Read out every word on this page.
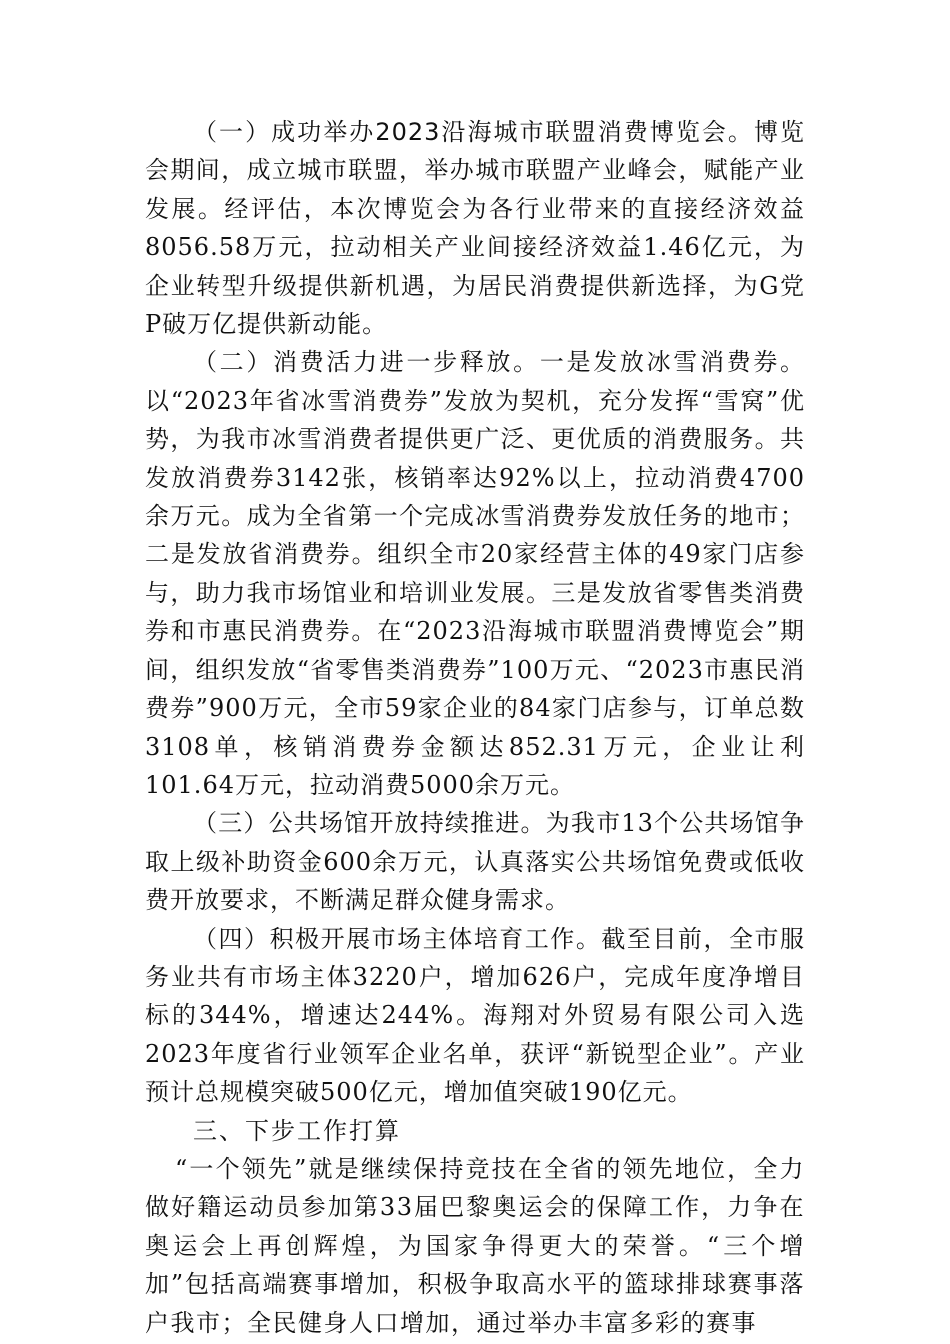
（一）成功举办2023沿海城市联盟消费博览会。博览会期间，成立城市联盟，举办城市联盟产业峰会，赋能产业发展。经评估，本次博览会为各行业带来的直接经济效益8056.58万元，拉动相关产业间接经济效益1.46亿元，为企业转型升级提供新机遇，为居民消费提供新选择，为G党P破万亿提供新动能。

（二）消费活力进一步释放。一是发放冰雪消费券。以“2023年省冰雪消费券”发放为契机，充分发挥“雪窝”优势，为我市冰雪消费者提供更广泛、更优质的消费服务。共发放消费券3142张，核销率达92%以上，拉动消费4700余万元。成为全省第一个完成冰雪消费券发放任务的地市；二是发放省消费券。组织全市20家经营主体的49家门店参与，助力我市场馆业和培训业发展。三是发放省零售类消费券和市惠民消费券。在“2023沿海城市联盟消费博览会”期间，组织发放“省零售类消费券”100万元、“2023市惠民消费券”900万元，全市59家企业的84家门店参与，订单总数3108单，核销消费券金额达852.31万元，企业让利101.64万元，拉动消费5000余万元。

（三）公共场馆开放持续推进。为我市13个公共场馆争取上级补助资金600余万元，认真落实公共场馆免费或低收费开放要求，不断满足群众健身需求。

（四）积极开展市场主体培育工作。截至目前，全市服务业共有市场主体3220户，增加626户，完成年度净增目标的344%，增速达244%。海翔对外贸易有限公司入选2023年度省行业领军企业名单，获评“新锐型企业”。产业预计总规模突破500亿元，增加值突破190亿元。

三、下步工作打算

“一个领先”就是继续保持竞技在全省的领先地位，全力做好籍运动员参加第33届巴黎奥运会的保障工作，力争在奥运会上再创辉煌，为国家争得更大的荣誉。“三个增加”包括高端赛事增加，积极争取高水平的篮球排球赛事落户我市；全民健身人口增加，通过举办丰富多彩的赛事
